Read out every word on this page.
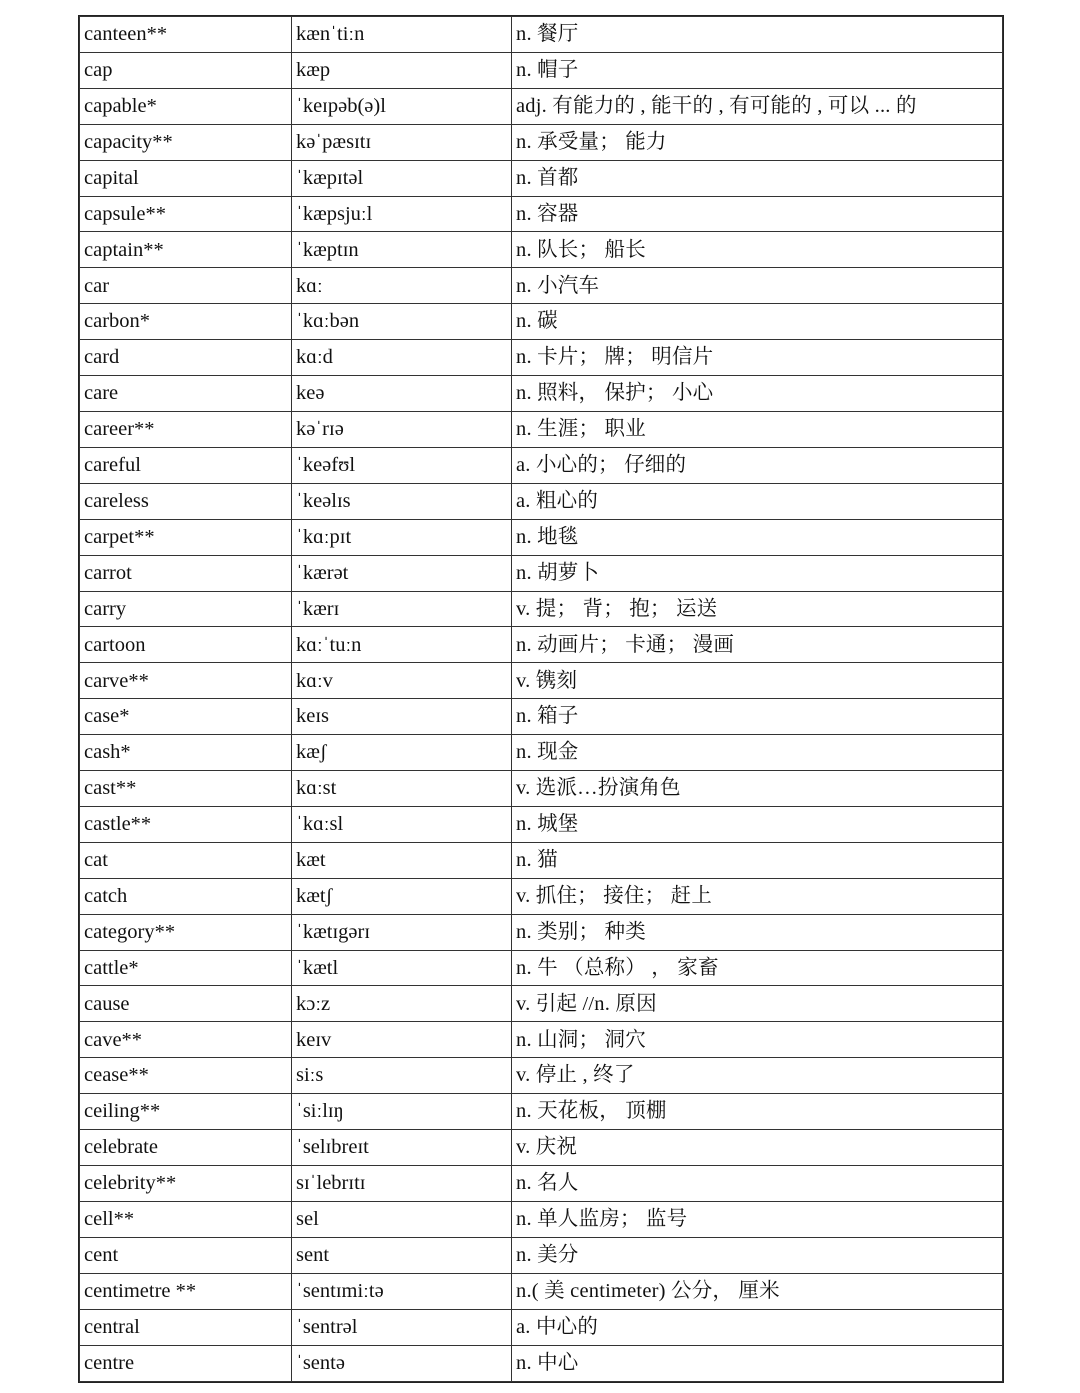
canteen**	kænˈtiːn	n. 餐厅
cap	kæp	n. 帽子
capable*	ˈkeɪpəb(ə)l	adj. 有能力的 , 能干的 , 有可能的 , 可以 ... 的
capacity**	kəˈpæsɪtɪ	n. 承受量； 能力
capital	ˈkæpɪtəl	n. 首都
capsule**	ˈkæpsjuːl	n. 容器
captain**	ˈkæptɪn	n. 队长； 船长
car	kɑː	n. 小汽车
carbon*	ˈkɑːbən	n. 碳
card	kɑːd	n. 卡片； 牌； 明信片
care	keə	n. 照料， 保护； 小心
career**	kəˈrɪə	n. 生涯； 职业
careful	ˈkeəfʊl	a. 小心的； 仔细的
careless	ˈkeəlɪs	a. 粗心的
carpet**	ˈkɑːpɪt	n. 地毯
carrot	ˈkærət	n. 胡萝卜
carry	ˈkærɪ	v. 提； 背； 抱； 运送
cartoon	kɑːˈtuːn	n. 动画片； 卡通； 漫画
carve**	kɑːv	v. 镌刻
case*	keɪs	n. 箱子
cash*	kæʃ	n. 现金
cast**	kɑːst	v. 选派…扮演角色
castle**	ˈkɑːsl	n. 城堡
cat	kæt	n. 猫
catch	kætʃ	v. 抓住； 接住； 赶上
category**	ˈkætɪgərɪ	n. 类别； 种类
cattle*	ˈkætl	n. 牛 （总称） ， 家畜
cause	kɔːz	v. 引起 //n. 原因
cave**	keɪv	n. 山洞； 洞穴
cease**	siːs	v. 停止 , 终了
ceiling**	ˈsiːlɪŋ	n. 天花板， 顶棚
celebrate	ˈselɪbreɪt	v. 庆祝
celebrity**	sɪˈlebrɪtɪ	n. 名人
cell**	sel	n. 单人监房； 监号
cent	sent	n. 美分
centimetre **	ˈsentɪmiːtə	n.( 美 centimeter) 公分， 厘米
central	ˈsentrəl	a. 中心的
centre	ˈsentə	n. 中心
